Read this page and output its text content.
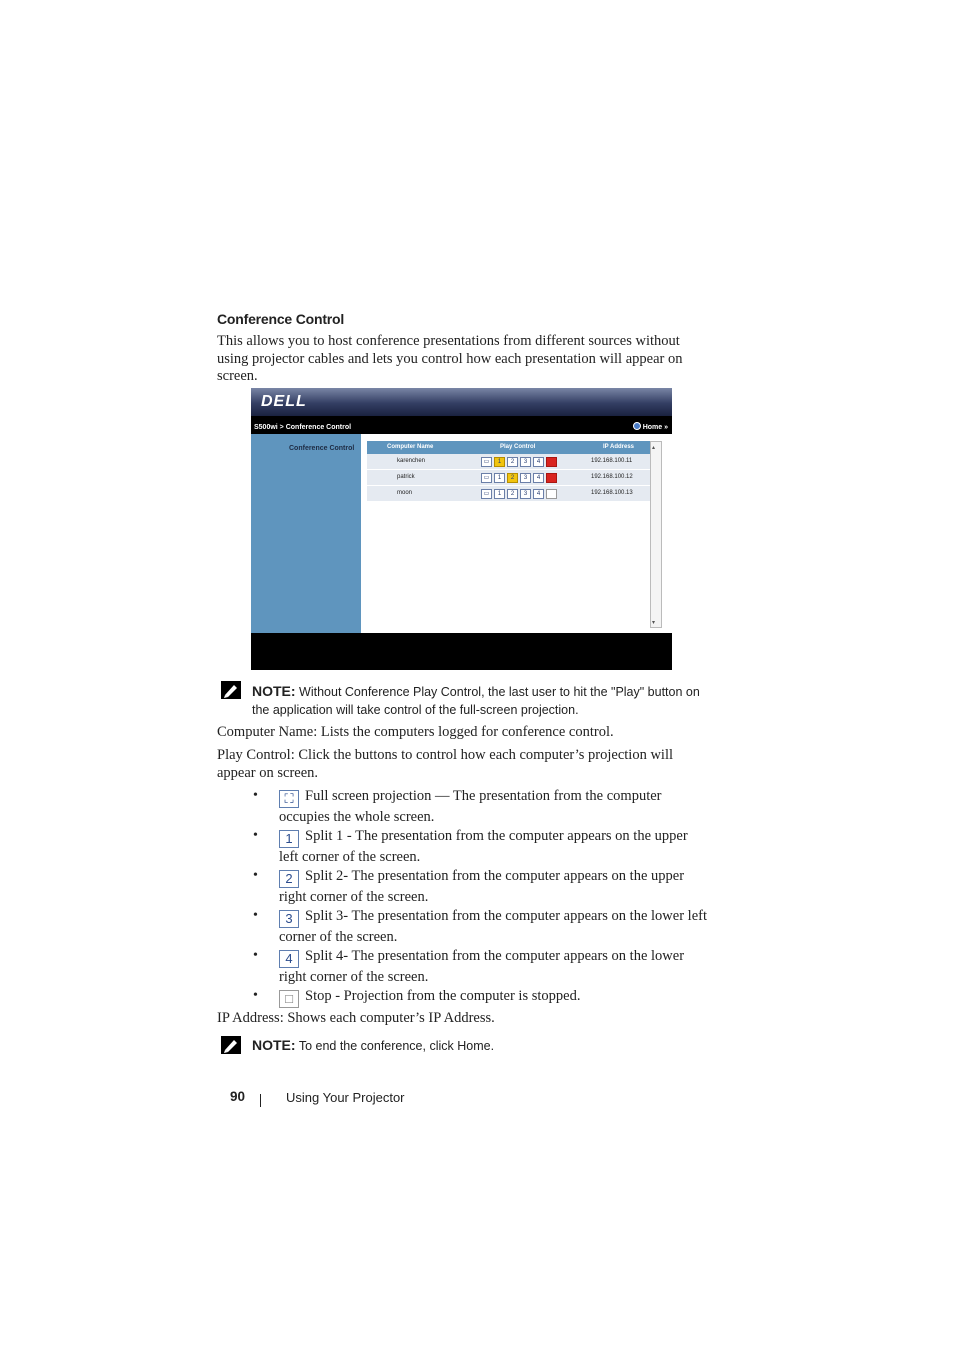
Conference Control
This allows you to host conference presentations from different sources without using projector cables and lets you control how each presentation will appear on screen.
DELL
S500wi > Conference Control	Home »
Conference Control	Computer Name	Play Control	IP Address
karenchen	▭ 1 2 3 4	192.168.100.11
patrick	▭ 1 2 3 4	192.168.100.12
moon	▭ 1 2 3 4	192.168.100.13
▴
▾
NOTE: Without Conference Play Control, the last user to hit the "Play" button on the application will take control of the full-screen projection.
Computer Name: Lists the computers logged for conference control.
Play Control: Click the buttons to control how each computer’s projection will appear on screen.
•	⛶ Full screen projection — The presentation from the computer occupies the whole screen.
•	1 Split 1 - The presentation from the computer appears on the upper left corner of the screen.
•	2 Split 2- The presentation from the computer appears on the upper right corner of the screen.
•	3 Split 3- The presentation from the computer appears on the lower left corner of the screen.
•	4 Split 4- The presentation from the computer appears on the lower right corner of the screen.
•	□ Stop - Projection from the computer is stopped.
IP Address: Shows each computer’s IP Address.
NOTE: To end the conference, click Home.
90	Using Your Projector
